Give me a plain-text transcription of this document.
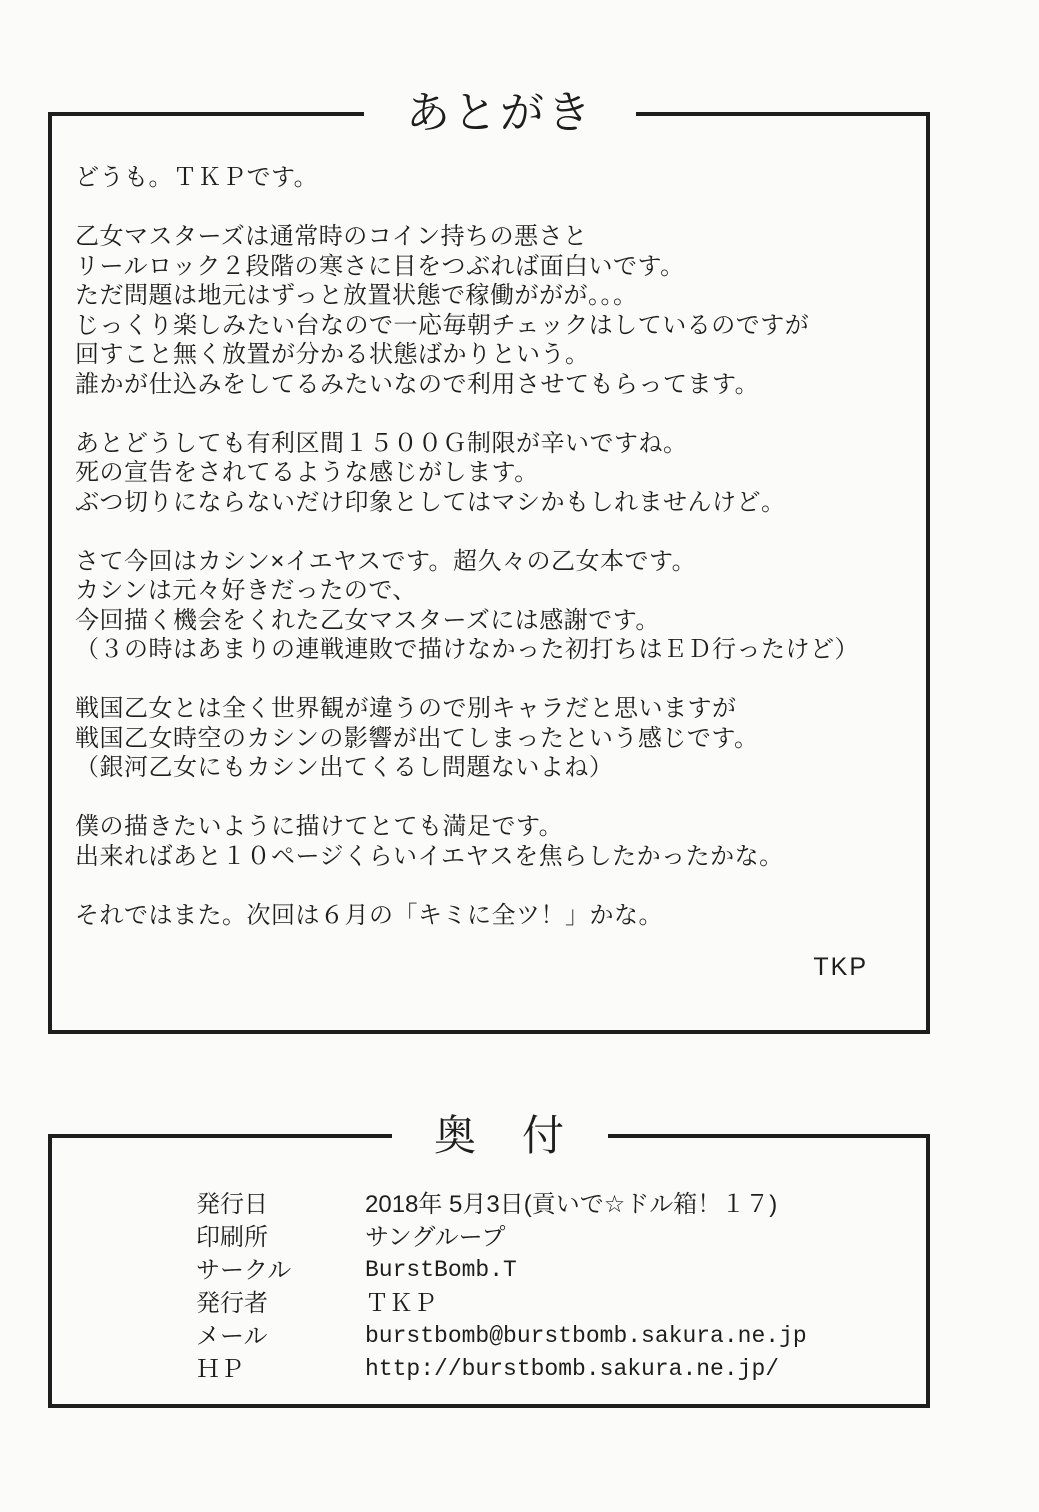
あとがき
どうも。ＴＫＰです。
乙女マスターズは通常時のコイン持ちの悪さと
リールロック２段階の寒さに目をつぶれば面白いです。
ただ問題は地元はずっと放置状態で稼働ががが。。。
じっくり楽しみたい台なので一応毎朝チェックはしているのですが
回すこと無く放置が分かる状態ばかりという。
誰かが仕込みをしてるみたいなので利用させてもらってます。
あとどうしても有利区間１５００Ｇ制限が辛いですね。
死の宣告をされてるような感じがします。
ぶつ切りにならないだけ印象としてはマシかもしれませんけど。
さて今回はカシン×イエヤスです。超久々の乙女本です。
カシンは元々好きだったので、
今回描く機会をくれた乙女マスターズには感謝です。
（３の時はあまりの連戦連敗で描けなかった初打ちはＥＤ行ったけど）
戦国乙女とは全く世界観が違うので別キャラだと思いますが
戦国乙女時空のカシンの影響が出てしまったという感じです。
（銀河乙女にもカシン出てくるし問題ないよね）
僕の描きたいように描けてとても満足です。
出来ればあと１０ページくらいイエヤスを焦らしたかったかな。
それではまた。次回は６月の「キミに全ツ！」かな。
TKP
奥　付
発行日	2018年 5月3日(貢いで☆ドル箱！１７)
印刷所	サングループ
サークル	BurstBomb.T
発行者	ＴＫＰ
メール	burstbomb@burstbomb.sakura.ne.jp
ＨＰ	http://burstbomb.sakura.ne.jp/
